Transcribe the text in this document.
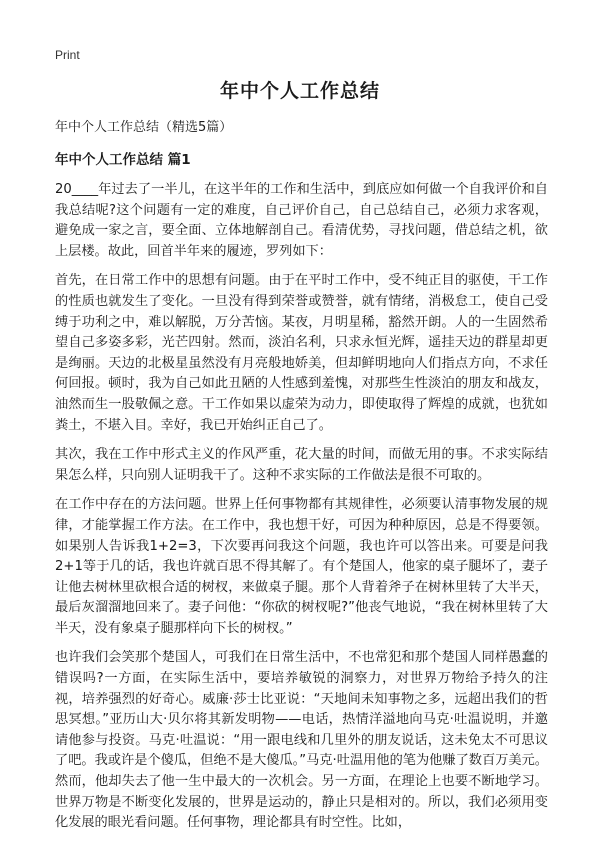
Print
年中个人工作总结
年中个人工作总结（精选5篇）
年中个人工作总结 篇1

20____年过去了一半儿，在这半年的工作和生活中，到底应如何做一个自我评价和自我总结呢?这个问题有一定的难度，自己评价自己，自己总结自己，必须力求客观，避免成一家之言，要全面、立体地解剖自己。看清优势，寻找问题，借总结之机，欲上层楼。故此，回首半年来的履迹，罗列如下：

首先，在日常工作中的思想有问题。由于在平时工作中，受不纯正目的驱使，干工作的性质也就发生了变化。一旦没有得到荣誉或赞誉，就有情绪，消极怠工，使自己受缚于功利之中，难以解脱，万分苦恼。某夜，月明星稀，豁然开朗。人的一生固然希望自己多姿多彩，光芒四射。然而，淡泊名利，只求永恒光辉，遥挂天边的群星却更是绚丽。天边的北极星虽然没有月亮般地娇美，但却鲜明地向人们指点方向，不求任何回报。顿时，我为自己如此丑陋的人性感到羞愧，对那些生性淡泊的朋友和战友，油然而生一股敬佩之意。干工作如果以虚荣为动力，即使取得了辉煌的成就，也犹如粪土，不堪入目。幸好，我已开始纠正自己了。

其次，我在工作中形式主义的作风严重，花大量的时间，而做无用的事。不求实际结果怎么样，只向别人证明我干了。这种不求实际的工作做法是很不可取的。

在工作中存在的方法问题。世界上任何事物都有其规律性，必须要认清事物发展的规律，才能掌握工作方法。在工作中，我也想干好，可因为种种原因，总是不得要领。如果别人告诉我1+2=3，下次要再问我这个问题，我也许可以答出来。可要是问我2+1等于几的话，我也许就百思不得其解了。有个楚国人，他家的桌子腿坏了，妻子让他去树林里砍根合适的树杈，来做桌子腿。那个人背着斧子在树林里转了大半天，最后灰溜溜地回来了。妻子问他：“你砍的树杈呢?”他丧气地说，“我在树林里转了大半天，没有象桌子腿那样向下长的树杈。”

也许我们会笑那个楚国人，可我们在日常生活中，不也常犯和那个楚国人同样愚蠢的错误吗?一方面，在实际生活中，要培养敏锐的洞察力，对世界万物给予持久的注视，培养强烈的好奇心。威廉·莎士比亚说：“天地间未知事物之多，远超出我们的哲思冥想。”亚历山大·贝尔将其新发明物——电话，热情洋溢地向马克·吐温说明，并邀请他参与投资。马克·吐温说：“用一跟电线和几里外的朋友说话，这未免太不可思议了吧。我或许是个傻瓜，但绝不是大傻瓜。”马克·吐温用他的笔为他赚了数百万美元。然而，他却失去了他一生中最大的一次机会。另一方面，在理论上也要不断地学习。世界万物是不断变化发展的，世界是运动的，静止只是相对的。所以，我们必须用变化发展的眼光看问题。任何事物，理论都具有时空性。比如，
